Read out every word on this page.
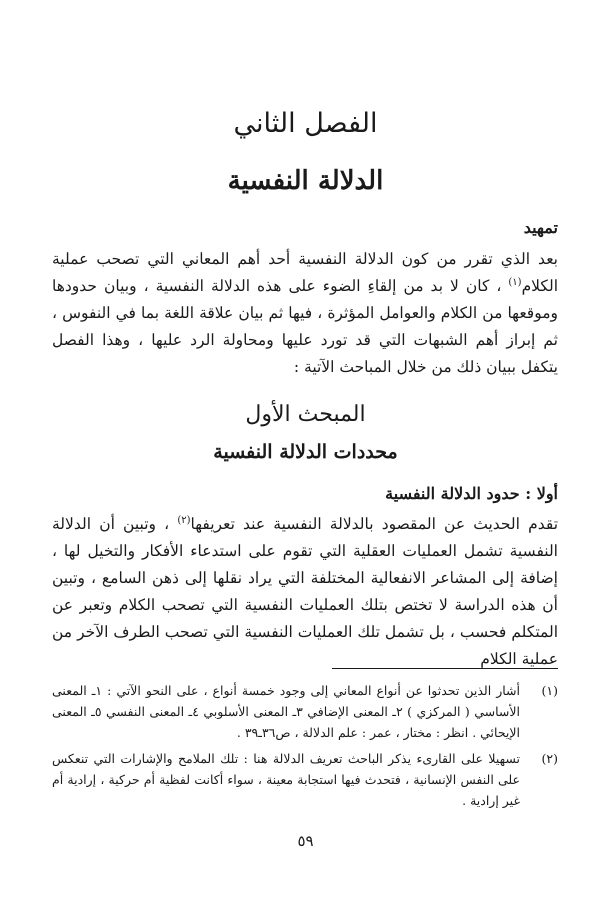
الفصل الثاني
الدلالة النفسية
تمهيد
بعد الذي تقرر من كون الدلالة النفسية أحد أهم المعاني التي تصحب عملية الكلام$^{(١)}$ ، كان لا بد من إلقاءِ الضوء على هذه الدلالة النفسية ، وبيان حدودها وموقعها من الكلام والعوامل المؤثرة ، فيها ثم بيان علاقة اللغة بما في النفوس ، ثم إبراز أهم الشبهات التي قد تورد عليها ومحاولة الرد عليها ، وهذا الفصل يتكفل ببيان ذلك من خلال المباحث الآتية :
المبحث الأول
محددات الدلالة النفسية
أولا : حدود الدلالة النفسية
تقدم الحديث عن المقصود بالدلالة النفسية عند تعريفها$^{(٢)}$ ، وتبين أن الدلالة النفسية تشمل العمليات العقلية التي تقوم على استدعاء الأفكار والتخيل لها ، إضافة إلى المشاعر الانفعالية المختلفة التي يراد نقلها إلى ذهن السامع ، وتبين أن هذه الدراسة لا تختص بتلك العمليات النفسية التي تصحب الكلام وتعبر عن المتكلم فحسب ، بل تشمل تلك العمليات النفسية التي تصحب الطرف الآخر من عملية الكلام
(١)
أشار الذين تحدثوا عن أنواع المعاني إلى وجود خمسة أنواع ، على النحو الآتي : ١ـ المعنى الأساسي ( المركزي ) ٢ـ المعنى الإضافي ٣ـ المعنى الأسلوبي ٤ـ المعنى النفسي ٥ـ المعنى الإيحائي . انظر : مختار ، عمر : علم الدلالة ، ص٣٦ـ٣٩ .
(٢)
تسهيلا على القارىء يذكر الباحث تعريف الدلالة هنا : تلك الملامح والإشارات التي تنعكس على النفس الإنسانية ، فتحدث فيها استجابة معينة ، سواء أكانت لفظية أم حركية ، إرادية أم غير إرادية .
٥٩
